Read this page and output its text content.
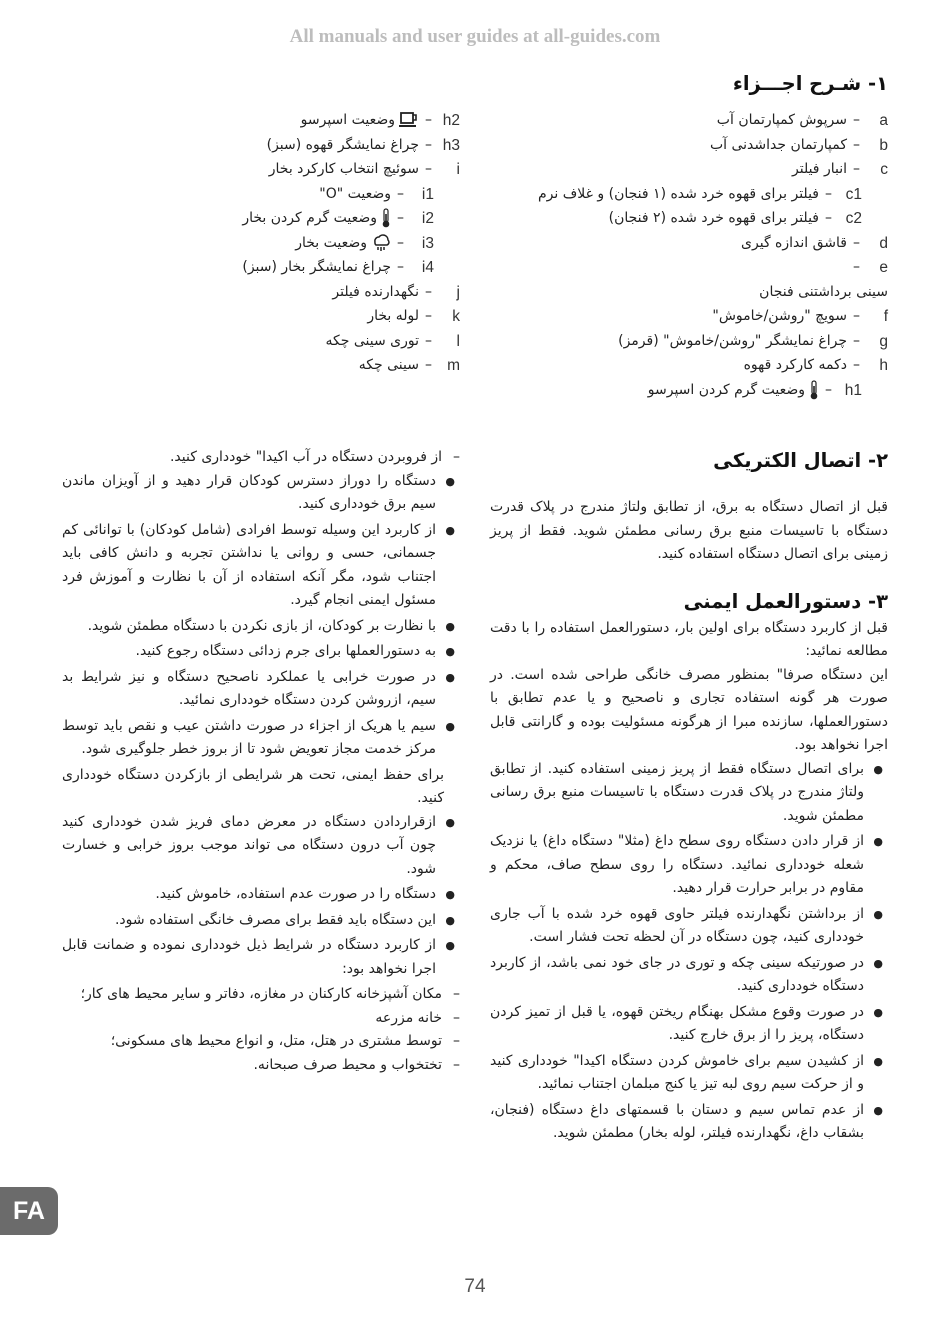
All manuals and user guides at all-guides.com
۱- شـرح اجـــزاء
a
–سرپوش کمپارتمان آب
b
–کمپارتمان جداشدنی آب
c
–انبار فیلتر
c1
–فیلتر برای قهوه خرد شده (۱ فنجان) و غلاف نرم
c2
–فیلتر برای قهوه خرد شده (۲ فنجان)
d
–قاشق اندازه گیری
e
–
سینی برداشتنی فنجان
f
–سویچ "روشن/خاموش"
g
–چراغ نمایشگر "روشن/خاموش" (قرمز)
h
–دکمه کارکرد قهوه
h1
–وضعیت گرم کردن اسپرسو
h2
–وضعیت اسپرسو
h3
–چراغ نمایشگر قهوه (سبز)
i
–سوئیچ انتخاب کارکرد بخار
i1
–وضعیت "O"
i2
–وضعیت گرم کردن بخار
i3
–وضعیت بخار
i4
–چراغ نمایشگر بخار (سبز)
j
–نگهدارنده فیلتر
k
–لوله بخار
l
–توری سینی چکه
m
–سینی چکه
۲- اتصال الکتریکی

قبل از اتصال دستگاه به برق، از تطابق ولتاژ مندرج در پلاک قدرت دستگاه با تاسیسات منبع برق رسانی مطمئن شوید. فقط از پریز زمینی برای اتصال دستگاه استفاده کنید.

۳- دستورالعمل ایمنی

قبل از کاربرد دستگاه برای اولین بار، دستورالعمل استفاده را با دقت مطالعه نمائید:

این دستگاه صرفا" بمنظور مصرف خانگی طراحی شده است. در صورت هر گونه استفاده تجاری و ناصحیح و یا عدم تطابق با دستورالعملها، سازنده مبرا از هرگونه مسئولیت بوده و گارانتی قابل اجرا نخواهد بود.

●
برای اتصال دستگاه فقط از پریز زمینی استفاده کنید. از تطابق ولتاژ مندرج در پلاک قدرت دستگاه با تاسیسات منبع برق رسانی مطمئن شوید.
●
از قرار دادن دستگاه روی سطح داغ (مثلا" دستگاه داغ) یا نزدیک شعله خودداری نمائید. دستگاه را روی سطح صاف، محکم و مقاوم در برابر حرارت قرار دهید.
●
از برداشتن نگهدارنده فیلتر حاوی قهوه خرد شده با آب جاری خودداری کنید، چون دستگاه در آن لحظه تحت فشار است.
●
در صورتیکه سینی چکه و توری در جای خود نمی باشد، از کاربرد دستگاه خودداری کنید.
●
در صورت وقوع مشکل بهنگام ریختن قهوه، یا قبل از تمیز کردن دستگاه، پریز را از برق خارج کنید.
●
از کشیدن سیم برای خاموش کردن دستگاه اکیدا" خودداری کنید و از حرکت سیم روی لبه تیز یا کنج مبلمان اجتناب نمائید.
●
از عدم تماس سیم و دستان با قسمتهای داغ دستگاه (فنجان، بشقاب داغ، نگهدارنده فیلتر، لوله بخار) مطمئن شوید.
–
از فروبردن دستگاه در آب اکیدا" خودداری کنید.
●
دستگاه را دوراز دسترس کودکان قرار دهید و از آویزان ماندن سیم برق خودداری کنید.
●
از کاربرد این وسیله توسط افرادی (شامل کودکان) با توانائی کم جسمانی، حسی و روانی یا نداشتن تجربه و دانش کافی باید اجتناب شود، مگر آنکه استفاده از آن با نظارت و آموزش فرد مسئول ایمنی انجام گیرد.
●
با نظارت بر کودکان، از بازی نکردن با دستگاه مطمئن شوید.
●
به دستورالعملها برای جرم زدائی دستگاه رجوع کنید.
●
در صورت خرابی یا عملکرد ناصحیح دستگاه و نیز شرایط بد سیم، ازروشن کردن دستگاه خودداری نمائید.
●
سیم یا هریک از اجزاء در صورت داشتن عیب و نقص باید توسط مرکز خدمت مجاز تعویض شود تا از بروز خطر جلوگیری شود.

برای حفظ ایمنی، تحت هر شرایطی از بازکردن دستگاه خودداری کنید.

●
ازقراردادن دستگاه در معرض دمای فریز شدن خودداری کنید چون آب درون دستگاه می تواند موجب بروز خرابی و خسارت شود.
●
دستگاه را در صورت عدم استفاده، خاموش کنید.
●
این دستگاه باید فقط برای مصرف خانگی استفاده شود.
●
از کاربرد دستگاه در شرایط ذیل خودداری نموده و ضمانت قابل اجرا نخواهد بود:
–
مکان آشپزخانه کارکنان در مغازه، دفاتر و سایر محیط های کار؛
–
خانه مزرعه
–
توسط مشتری در هتل، متل، و انواع محیط های مسکونی؛
–
تختخواب و محیط صرف صبحانه.
FA
74
